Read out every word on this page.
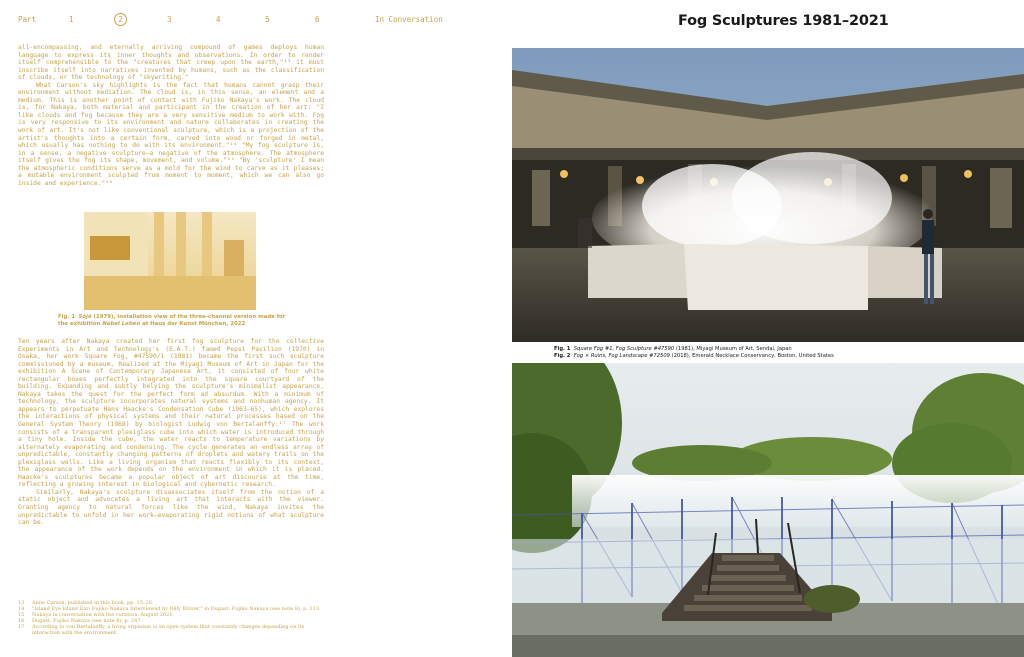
Part	1	2	3	4	5	6	In Conversation

all-encompassing, and eternally arriving compound of games deploys human language to express its inner thoughts and observations. In order to render itself comprehensible to the "creatures that creep upon the earth,"¹³ it must inscribe itself into narratives invented by humans, such as the classification of clouds, or the technology of "skywriting."

What Carson's sky highlights is the fact that humans cannot grasp their environment without mediation. The cloud is, in this sense, an element and a medium. This is another point of contact with Fujiko Nakaya's work. The cloud is, for Nakaya, both material and participant in the creation of her art: "I like clouds and fog because they are a very sensitive medium to work with. Fog is very responsive to its environment and nature collaborates in creating the work of art. It's not like conventional sculpture, which is a projection of the artist's thoughts into a certain form, carved into wood or forged in metal, which usually has nothing to do with its environment."¹⁴ "My fog sculpture is, in a sense, a negative sculpture—a negative of the atmosphere. The atmosphere itself gives the fog its shape, movement, and volume."¹⁵ "By 'sculpture' I mean the atmospheric conditions serve as a mold for the wind to carve as it pleases; a mutable environment sculpted from moment to moment, which we can also go inside and experience."¹⁶

Fig. 1 Sōjō (1979), installation view of the three-channel version made for the exhibition Nebel Leben at Haus der Kunst München, 2022

Ten years after Nakaya created her first fog sculpture for the collective Experiments in Art and Technology's (E.A.T.) famed Pepsi Pavilion (1970) in Osaka, her work Square Fog, #47590/1 (1981) became the first such sculpture commissioned by a museum. Realized at the Miyagi Museum of Art in Japan for the exhibition A Scene of Contemporary Japanese Art, it consisted of four white rectangular boxes perfectly integrated into the square courtyard of the building. Expanding and subtly belying the sculpture's minimalist appearance, Nakaya takes the quest for the perfect form ad absurdum. With a minimum of technology, the sculpture incorporates natural systems and nonhuman agency. It appears to perpetuate Hans Haacke's Condensation Cube (1963–65), which explores the interactions of physical systems and their natural processes based on the General System Theory (1968) by biologist Ludwig von Bertalanffy.¹⁷ The work consists of a transparent plexiglass cube into which water is introduced through a tiny hole. Inside the cube, the water reacts to temperature variations by alternately evaporating and condensing. The cycle generates an endless array of unpredictable, constantly changing patterns of droplets and watery trails on the plexiglass walls. Like a living organism that reacts flexibly to its context, the appearance of the work depends on the environment in which it is placed. Haacke's sculptures became a popular object of art discourse at the time, reflecting a growing interest in biological and cybernetic research.

Similarly, Nakaya's sculpture disassociates itself from the notion of a static object and advocates a living art that interacts with the viewer. Granting agency to natural forces like the wind, Nakaya invites the unpredictable to unfold in her work—evaporating rigid notions of what sculpture can be.

13 Anne Carson, published in this book, pp. 15–26.
14 "Island Eye Island Ear: Fujiko Nakaya Interviewed by Billy Klüver," in Dugast, Fujiko Nakaya (see note 8), p. 113.
15 Nakaya in conversation with the curators, August 2021.
16 Dugast, Fujiko Nakaya (see note 8), p. 247.
17 According to von Bertalanffy, a living organism is an open system that constantly changes depending on its interaction with the environment.
Fog Sculptures 1981–2021
Fig. 1 Square Fog #1, Fog Sculpture #47590 (1981), Miyagi Museum of Art, Sendai, Japan
Fig. 2 Fog × Ruins, Fog Landscape #72509 (2018), Emerald Necklace Conservancy, Boston, United States
